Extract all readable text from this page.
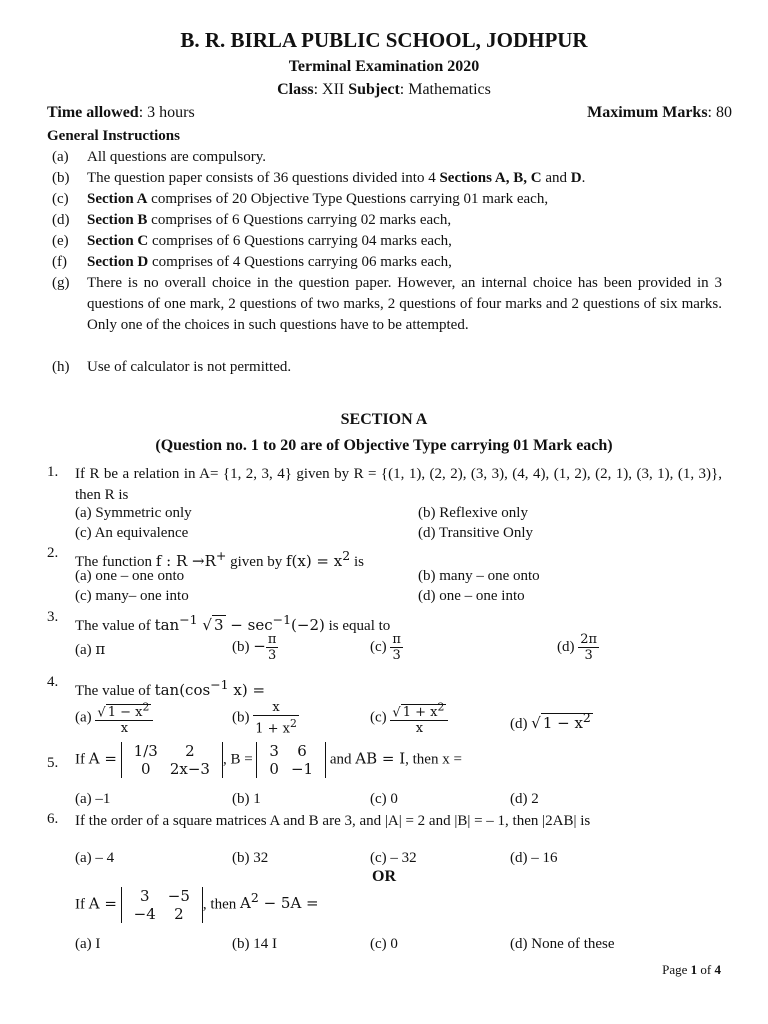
B. R. BIRLA PUBLIC SCHOOL, JODHPUR
Terminal Examination 2020
Class: XII Subject: Mathematics
Time allowed: 3 hours	Maximum Marks: 80
General Instructions
(a) All questions are compulsory.
(b) The question paper consists of 36 questions divided into 4 Sections A, B, C and D.
(c) Section A comprises of 20 Objective Type Questions carrying 01 mark each,
(d) Section B comprises of 6 Questions carrying 02 marks each,
(e) Section C comprises of 6 Questions carrying 04 marks each,
(f) Section D comprises of 4 Questions carrying 06 marks each,
(g) There is no overall choice in the question paper. However, an internal choice has been provided in 3 questions of one mark, 2 questions of two marks, 2 questions of four marks and 2 questions of six marks. Only one of the choices in such questions have to be attempted.
(h) Use of calculator is not permitted.
SECTION A
(Question no. 1 to 20 are of Objective Type carrying 01 Mark each)
1. If R be a relation in A= {1, 2, 3, 4} given by R = {(1, 1), (2, 2), (3, 3), (4, 4), (1, 2), (2, 1), (3, 1), (1, 3)}, then R is
(a) Symmetric only	(b) Reflexive only
(c) An equivalence	(d) Transitive Only
2.
The function f : R →R+ given by $f(x) = x^2$ is
(a) one – one onto	(b) many – one onto
(c) many– one into	(d) one – one into
3.
The value of $\tan^{-1}$ √ $3 - \sec^{-1}(-2)$ is equal to
(a) π	$(b) - \frac{\pi}{3}$	$(c) \frac{\pi}{3}$	$(d) \frac{2\pi}{3}$
4.
The value of $\tan(\cos^{-1}$ x) =
$(a) \frac{√ 1 - x^2}{x}$	$(b) \frac{x}{1 + x^2}$	$(c) \frac{√ 1 + x^2}{x}$	(d) √ $1 - x^2$
5. If A = 1/3	2
0	2x−3
, B = 3	6
0	−1
and AB = I, then x =
(a) –1	(b) 1	(c) 0	(d) 2
6. If the order of a square matrices A and B are 3, and |A| = 2 and |B| = – 1, then |2AB| is
(a) – 4	(b) 32	(c) – 32	(d) – 16
OR
If A = 3	−5
−4	2
, then $A^2 - 5A$ =
(a) I	(b) 14 I	(c) 0	(d) None of these
Page 1 of 4
